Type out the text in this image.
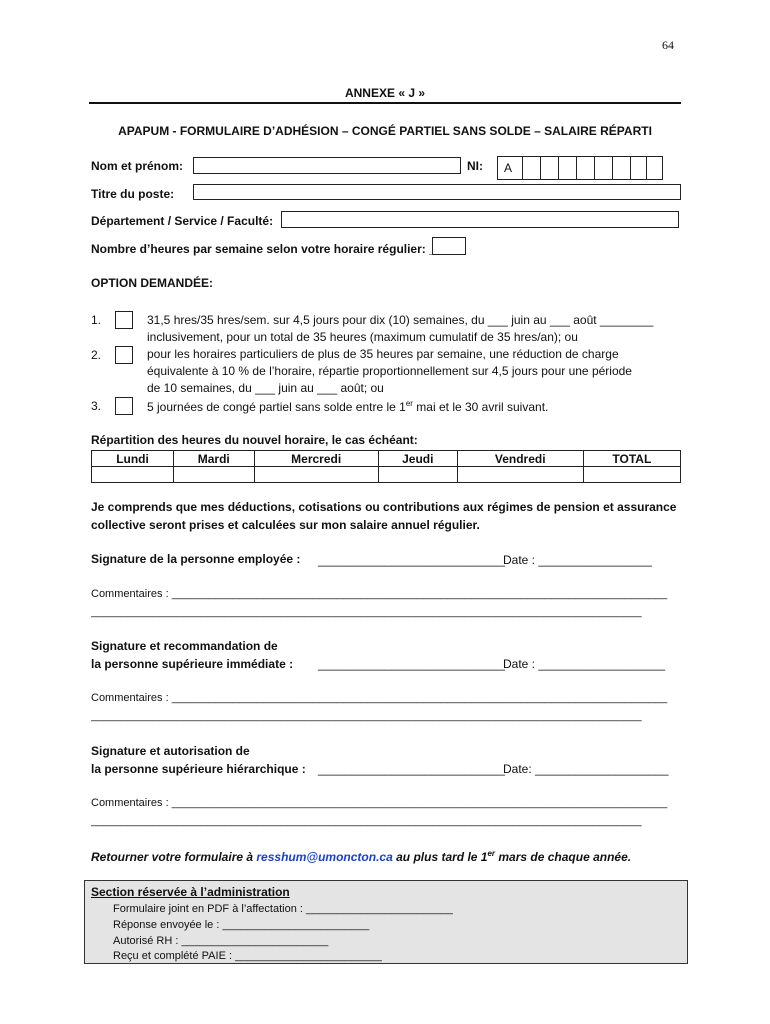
64
ANNEXE « J »
APAPUM - FORMULAIRE D’ADHÉSION – CONGÉ PARTIEL SANS SOLDE – SALAIRE RÉPARTI
Nom et prénom:	NI: A
Titre du poste:
Département / Service / Faculté:
Nombre d’heures par semaine selon votre horaire régulier: ____
OPTION DEMANDÉE:
1.	31,5 hres/35 hres/sem. sur 4,5 jours pour dix (10) semaines, du ___ juin au ___ août ________
inclusivement, pour un total de 35 heures (maximum cumulatif de 35 hres/an); ou
2.	pour les horaires particuliers de plus de 35 heures par semaine, une réduction de charge
équivalente à 10 % de l’horaire, répartie proportionnellement sur 4,5 jours pour une période
de 10 semaines, du ___ juin au ___ août; ou
3.	5 journées de congé partiel sans solde entre le 1er mai et le 30 avril suivant.
Répartition des heures du nouvel horaire, le cas échéant:
Lundi	Mardi	Mercredi	Jeudi	Vendredi	TOTAL

Je comprends que mes déductions, cotisations ou contributions aux régimes de pension et assurance
collective seront prises et calculées sur mon salaire annuel régulier.
Signature de la personne employée : ____________________________
Date : _________________
Commentaires : _________________________________________________________________________________
__________________________________________________________________________________________
Signature et recommandation de
la personne supérieure immédiate : ____________________________
Date : ___________________
Commentaires : _________________________________________________________________________________
__________________________________________________________________________________________
Signature et autorisation de
la personne supérieure hiérarchique : ____________________________
Date: ____________________
Commentaires : _________________________________________________________________________________
__________________________________________________________________________________________
Retourner votre formulaire à resshum@umoncton.ca au plus tard le 1er mars de chaque année.
Section réservée à l’administration
Formulaire joint en PDF à l’affectation : ________________________
Réponse envoyée le : ________________________
Autorisé RH : ________________________
Reçu et complété PAIE : ________________________
